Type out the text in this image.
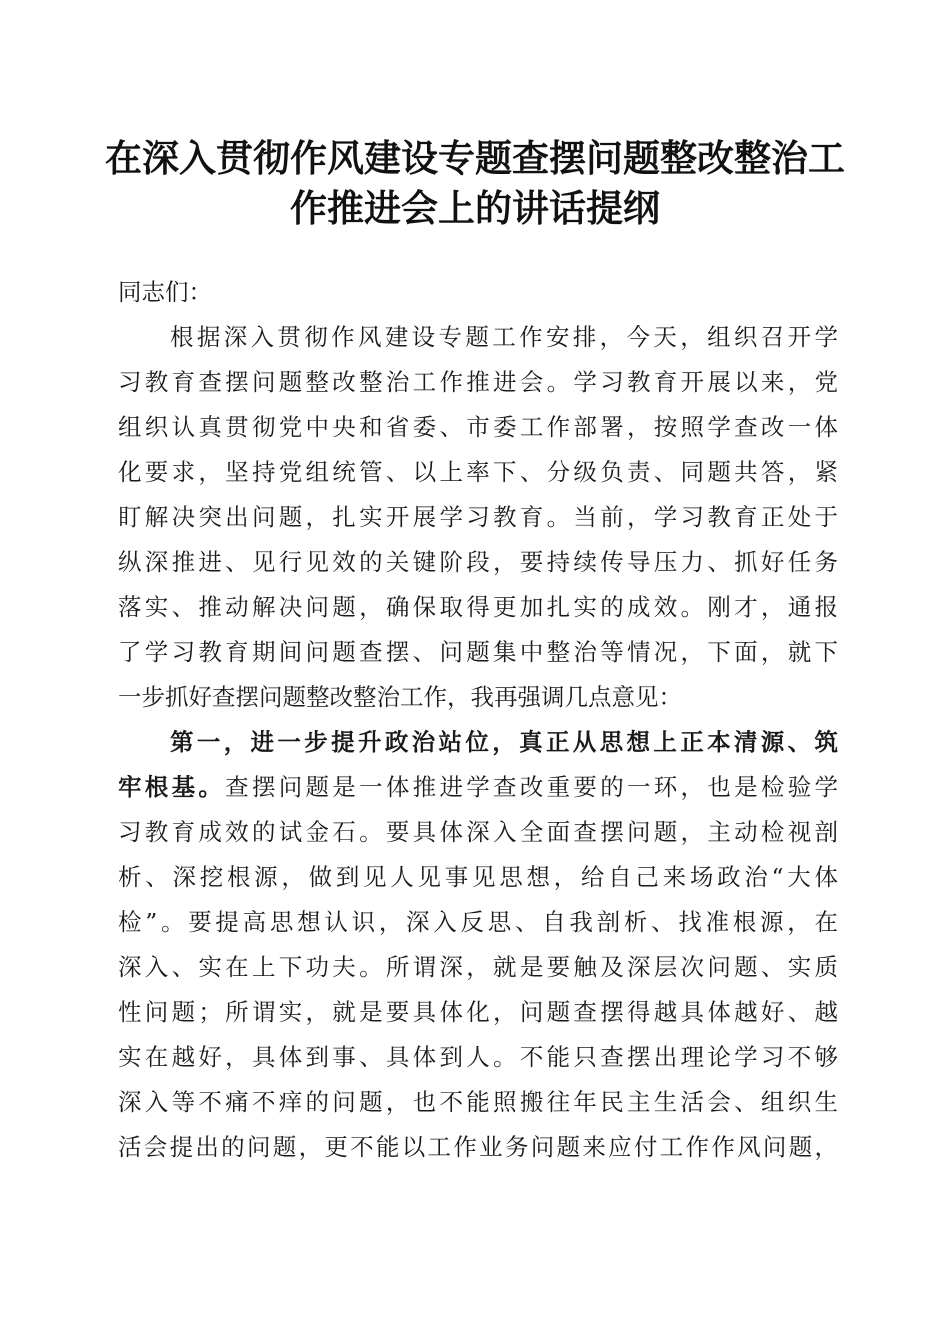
在深入贯彻作风建设专题查摆问题整改整治工
作推进会上的讲话提纲
同志们：
根据深入贯彻作风建设专题工作安排，今天，组织召开学
习教育查摆问题整改整治工作推进会。学习教育开展以来，党
组织认真贯彻党中央和省委、市委工作部署，按照学查改一体
化要求，坚持党组统管、以上率下、分级负责、同题共答，紧
盯解决突出问题，扎实开展学习教育。当前，学习教育正处于
纵深推进、见行见效的关键阶段，要持续传导压力、抓好任务
落实、推动解决问题，确保取得更加扎实的成效。刚才，通报
了学习教育期间问题查摆、问题集中整治等情况，下面，就下
一步抓好查摆问题整改整治工作，我再强调几点意见：
第一，进一步提升政治站位，真正从思想上正本清源、筑
牢根基。查摆问题是一体推进学查改重要的一环，也是检验学
习教育成效的试金石。要具体深入全面查摆问题，主动检视剖
析、深挖根源，做到见人见事见思想，给自己来场政治“大体
检”。要提高思想认识，深入反思、自我剖析、找准根源，在
深入、实在上下功夫。所谓深，就是要触及深层次问题、实质
性问题；所谓实，就是要具体化，问题查摆得越具体越好、越
实在越好，具体到事、具体到人。不能只查摆出理论学习不够
深入等不痛不痒的问题，也不能照搬往年民主生活会、组织生
活会提出的问题，更不能以工作业务问题来应付工作作风问题，
